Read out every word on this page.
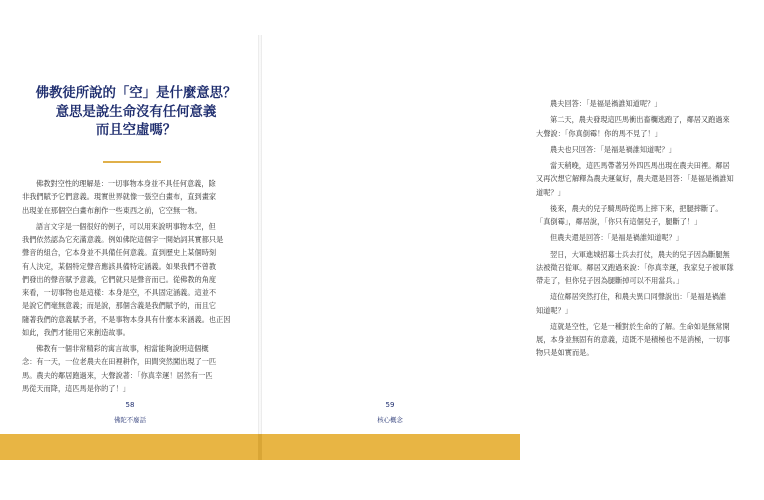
佛教徒所說的「空」是什麼意思？
意思是說生命沒有任何意義
而且空虛嗎？
佛教對空性的理解是：一切事物本身並不具任何意義，除
非我們賦予它們意義。現實世界就像一張空白畫布，直到畫家
出現並在那個空白畫布創作一些東西之前，它空無一物。
語言文字是一個很好的例子，可以用來說明事物本空，但
我們依然認為它充滿意義。例如佛陀這個字一開始詞其實都只是
聲音的組合，它本身並不具備任何意義。直到歷史上某個時刻
有人決定，某個特定聲音應該具備特定涵義。如果我們不曾教
們發出的聲音賦予意義，它們就只是聲音而已。從佛教的角度
來看，一切事物也是這樣：本身是空，不具固定涵義。這並不
是說它們毫無意義；而是說，那個含義是我們賦予的，而且它
隨著我們的意義賦予者，不是事物本身具有什麼本來涵義。也正因
如此，我們才能用它來創造故事。
佛教有一個非常精彩的寓言故事，相當能夠說明這個概
念：有一天，一位老農夫在田裡耕作，田間突然闖出現了一匹
馬。農夫的鄰居跑過來，大聲說著：「你真幸運！居然有一匹
馬從天而降，這匹馬是你的了！」
58
佛陀不廢話
農夫回答：「是福是禍誰知道呢？」
第二天，農夫發現這匹馬衝出畜欄逃跑了，鄰居又跑過來
大聲說：「你真倒霉！你的馬不見了！」
農夫也只回答：「是福是禍誰知道呢？」
當天稍晚，這匹馬帶著另外四匹馬出現在農夫田裡。鄰居
又再次想它解釋為農夫運氣好，農夫還是回答：「是福是禍誰知
道呢？」
後來，農夫的兒子騎馬時從馬上摔下來，把腿摔斷了。
「真倒霉」，鄰居說，「你只有這個兒子，腿斷了！」
但農夫還是回答：「是福是禍誰知道呢？」
翌日，大軍進城招募士兵去打仗，農夫的兒子因為斷腿無
法被徵召從軍。鄰居又跑過來說：「你真幸運，我家兒子被軍隊
帶走了，但你兒子因為腿斷掉可以不用當兵。」
這位鄰居突然打住，和農夫異口同聲說出：「是福是禍誰
知道呢？」
這就是空性，它是一種對於生命的了解。生命如是無常開
展，本身並無固有的意義，這既不是積極也不是消極，一切事
物只是如實而是。
59
核心概念
